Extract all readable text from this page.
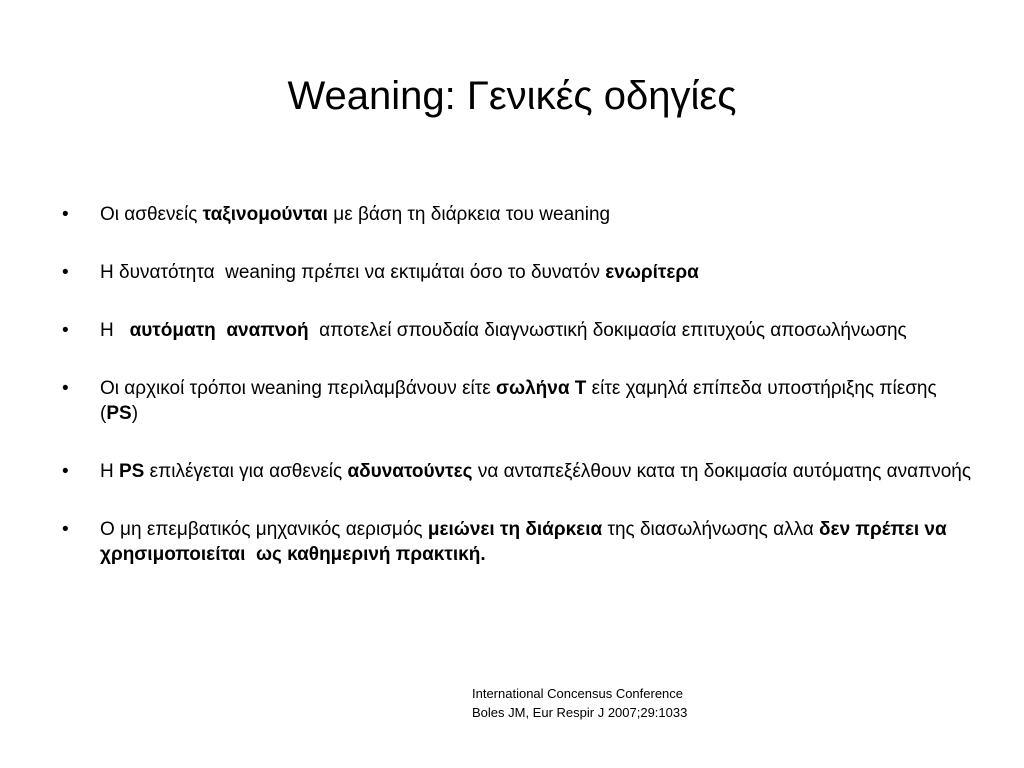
Weaning: Γενικές οδηγίες
• Οι ασθενείς ταξινομούνται με βάση τη διάρκεια του weaning
• Η δυνατότητα  weaning πρέπει να εκτιμάται όσο το δυνατόν ενωρίτερα
• Η   αυτόματη  αναπνοή  αποτελεί σπουδαία διαγνωστική δοκιμασία επιτυχούς αποσωλήνωσης
• Οι αρχικοί τρόποι weaning περιλαμβάνουν είτε σωλήνα Τ είτε χαμηλά επίπεδα υποστήριξης πίεσης (PS)
• Η PS επιλέγεται για ασθενείς αδυνατούντες να ανταπεξέλθουν κατα τη δοκιμασία αυτόματης αναπνοής
• Ο μη επεμβατικός μηχανικός αερισμός μειώνει τη διάρκεια της διασωλήνωσης αλλα δεν πρέπει να χρησιμοποιείται  ως καθημερινή πρακτική.
International Concensus Conference
Boles JM, Eur Respir J 2007;29:1033
